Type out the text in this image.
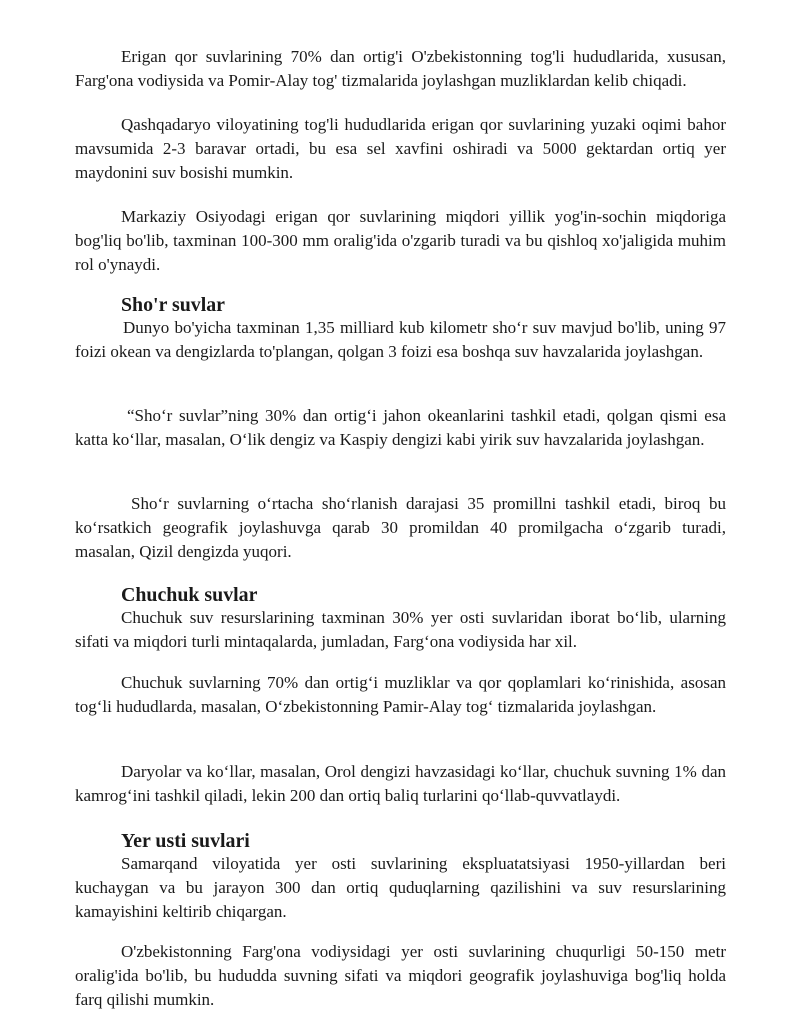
Erigan qor suvlarining 70% dan ortig'i O'zbekistonning tog'li hududlarida, xususan, Farg'ona vodiysida va Pomir-Alay tog' tizmalarida joylashgan muzliklardan kelib chiqadi.

Qashqadaryo viloyatining tog'li hududlarida erigan qor suvlarining yuzaki oqimi bahor mavsumida 2-3 baravar ortadi, bu esa sel xavfini oshiradi va 5000 gektardan ortiq yer maydonini suv bosishi mumkin.

Markaziy Osiyodagi erigan qor suvlarining miqdori yillik yog'in-sochin miqdoriga bog'liq bo'lib, taxminan 100-300 mm oralig'ida o'zgarib turadi va bu qishloq xo'jaligida muhim rol o'ynaydi.

Sho'r suvlar

Dunyo bo'yicha taxminan 1,35 milliard kub kilometr sho‘r suv mavjud bo'lib, uning 97 foizi okean va dengizlarda to'plangan, qolgan 3 foizi esa boshqa suv havzalarida joylashgan.

“Sho‘r suvlar”ning 30% dan ortig‘i jahon okeanlarini tashkil etadi, qolgan qismi esa katta ko‘llar, masalan, O‘lik dengiz va Kaspiy dengizi kabi yirik suv havzalarida joylashgan.

Sho‘r suvlarning o‘rtacha sho‘rlanish darajasi 35 promillni tashkil etadi, biroq bu ko‘rsatkich geografik joylashuvga qarab 30 promildan 40 promilgacha o‘zgarib turadi, masalan, Qizil dengizda yuqori.

Chuchuk suvlar

Chuchuk suv resurslarining taxminan 30% yer osti suvlaridan iborat bo‘lib, ularning sifati va miqdori turli mintaqalarda, jumladan, Farg‘ona vodiysida har xil.

Chuchuk suvlarning 70% dan ortig‘i muzliklar va qor qoplamlari ko‘rinishida, asosan tog‘li hududlarda, masalan, O‘zbekistonning Pamir-Alay tog‘ tizmalarida joylashgan.

Daryolar va ko‘llar, masalan, Orol dengizi havzasidagi ko‘llar, chuchuk suvning 1% dan kamrog‘ini tashkil qiladi, lekin 200 dan ortiq baliq turlarini qo‘llab-quvvatlaydi.

Yer usti suvlari

Samarqand viloyatida yer osti suvlarining ekspluatatsiyasi 1950-yillardan beri kuchaygan va bu jarayon 300 dan ortiq quduqlarning qazilishini va suv resurslarining kamayishini keltirib chiqargan.

O'zbekistonning Farg'ona vodiysidagi yer osti suvlarining chuqurligi 50-150 metr oralig'ida bo'lib, bu hududda suvning sifati va miqdori geografik joylashuviga bog'liq holda farq qilishi mumkin.
